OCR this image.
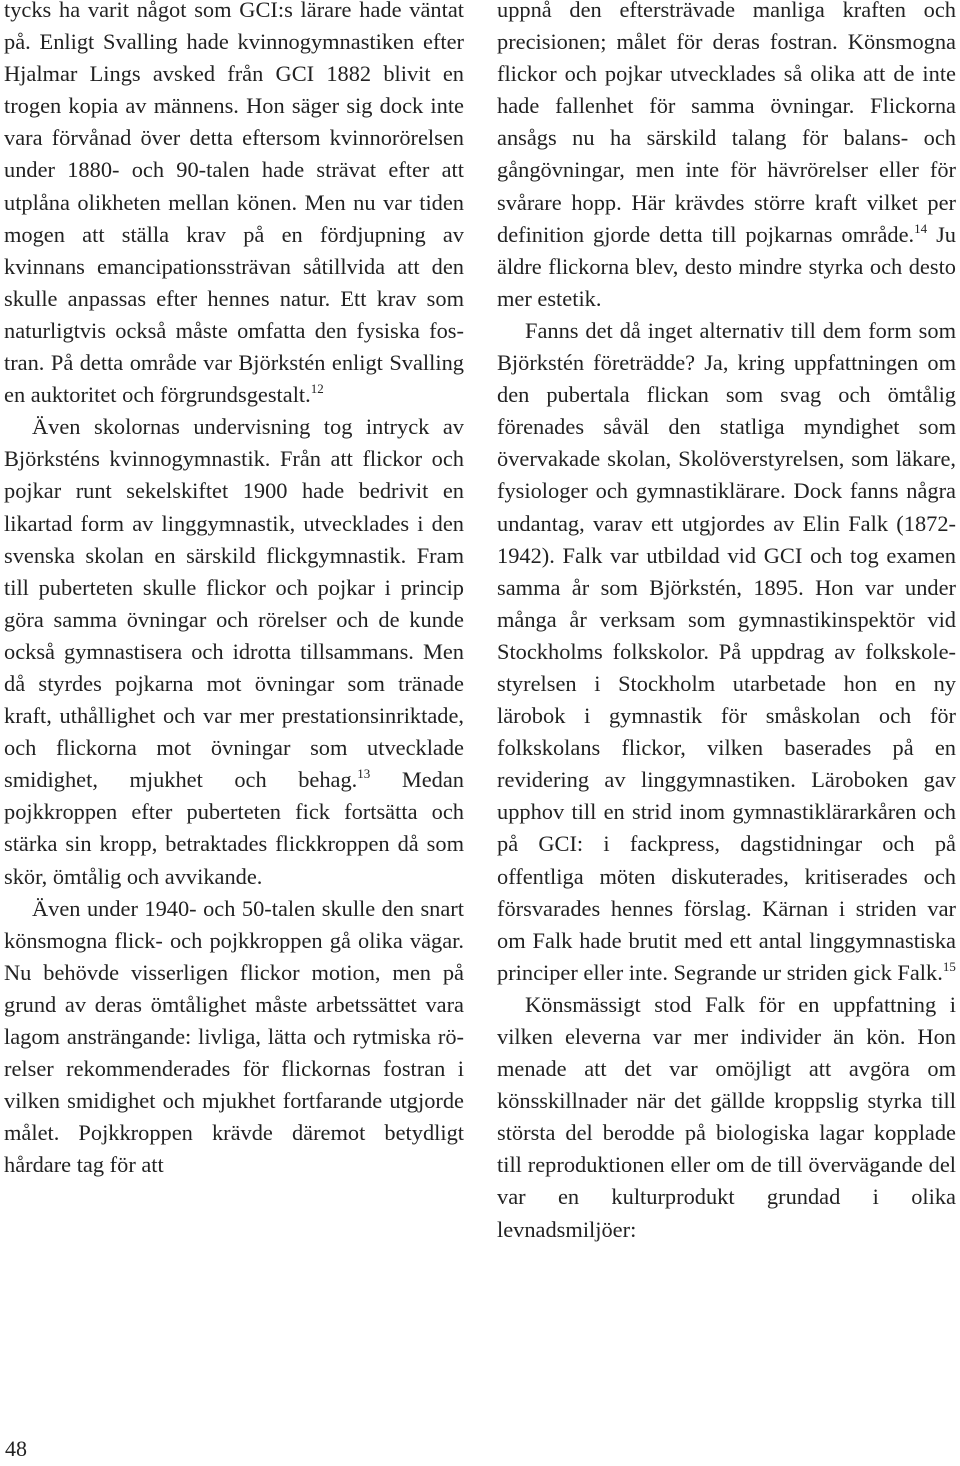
tycks ha varit något som GCI:s lärare hade väntat på. Enligt Svalling hade kvinnogymnastiken efter Hjalmar Lings avsked från GCI 1882 blivit en trogen kopia av männens. Hon säger sig dock inte vara förvånad över detta eftersom kvinnorörelsen under 1880- och 90-talen hade strävat efter att utplåna olikheten mellan könen. Men nu var tiden mogen att ställa krav på en fördjupning av kvinnans emancipationssträvan såtillvida att den skulle anpassas efter hennes natur. Ett krav som naturligtvis också måste omfatta den fysiska fostran. På detta område var Björkstén enligt Svalling en auktoritet och förgrundsgestalt.$^{12}$

Även skolornas undervisning tog intryck av Björksténs kvinnogymnastik. Från att flickor och pojkar runt sekelskiftet 1900 hade bedrivit en likartad form av linggymnastik, utvecklades i den svenska skolan en särskild flickgymnastik. Fram till puberteten skulle flickor och pojkar i princip göra samma övningar och rörelser och de kunde också gymnastisera och idrotta tillsammans. Men då styrdes pojkarna mot övningar som tränade kraft, uthållighet och var mer prestationsinriktade, och flickorna mot övningar som utvecklade smidighet, mjukhet och behag.$^{13}$ Medan pojkkroppen efter puberteten fick fortsätta och stärka sin kropp, betraktades flickkroppen då som skör, ömtålig och avvikande.

Även under 1940- och 50-talen skulle den snart könsmogna flick- och pojkkroppen gå olika vägar. Nu behövde visserligen flickor motion, men på grund av deras ömtålighet måste arbetssättet vara lagom ansträngande: livliga, lätta och rytmiska rörelser rekommenderades för flickornas fostran i vilken smidighet och mjukhet fortfarande utgjorde målet. Pojkkroppen krävde däremot betydligt hårdare tag för att

uppnå den eftersträvade manliga kraften och precisionen; målet för deras fostran. Könsmogna flickor och pojkar utvecklades så olika att de inte hade fallenhet för samma övningar. Flickorna ansågs nu ha särskild talang för balans- och gångövningar, men inte för hävrörelser eller för svårare hopp. Här krävdes större kraft vilket per definition gjorde detta till pojkarnas område.$^{14}$ Ju äldre flickorna blev, desto mindre styrka och desto mer estetik.

Fanns det då inget alternativ till dem form som Björkstén företrädde? Ja, kring uppfattningen om den pubertala flickan som svag och ömtålig förenades såväl den statliga myndighet som övervakade skolan, Skolöverstyrelsen, som läkare, fysiologer och gymnastiklärare. Dock fanns några undantag, varav ett utgjordes av Elin Falk (1872-1942). Falk var utbildad vid GCI och tog examen samma år som Björkstén, 1895. Hon var under många år verksam som gymnastikinspektör vid Stockholms folkskolor. På uppdrag av folkskolestyrelsen i Stockholm utarbetade hon en ny lärobok i gymnastik för småskolan och för folkskolans flickor, vilken baserades på en revidering av linggymnastiken. Läroboken gav upphov till en strid inom gymnastiklärarkåren och på GCI: i fackpress, dagstidningar och på offentliga möten diskuterades, kritiserades och försvarades hennes förslag. Kärnan i striden var om Falk hade brutit med ett antal linggymnastiska principer eller inte. Segrande ur striden gick Falk.$^{15}$

Könsmässigt stod Falk för en uppfattning i vilken eleverna var mer individer än kön. Hon menade att det var omöjligt att avgöra om könsskillnader när det gällde kroppslig styrka till största del berodde på biologiska lagar kopplade till reproduktionen eller om de till övervägande del var en kulturprodukt grundad i olika levnadsmiljöer:

48
